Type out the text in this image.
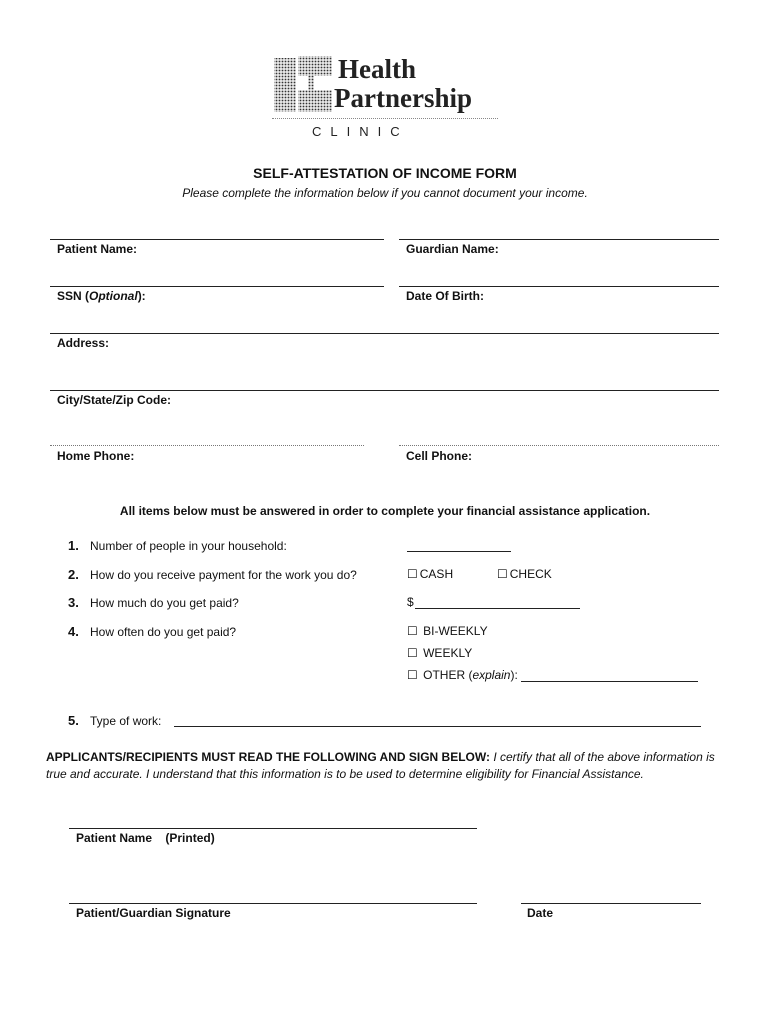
Health
Partnership
CLINIC
SELF-ATTESTATION OF INCOME FORM
Please complete the information below if you cannot document your income.
Patient Name:	Guardian Name:
SSN (Optional):	Date Of Birth:
Address:
City/State/Zip Code:
Home Phone:	Cell Phone:
All items below must be answered in order to complete your financial assistance application.
1. Number of people in your household:
2. How do you receive payment for the work you do?	☐ CASH	☐ CHECK
3. How much do you get paid?	$
4. How often do you get paid?	☐ BI-WEEKLY
☐ WEEKLY
☐ OTHER (explain):
5. Type of work:
APPLICANTS/RECIPIENTS MUST READ THE FOLLOWING AND SIGN BELOW: I certify that all of the above information is true and accurate. I understand that this information is to be used to determine eligibility for Financial Assistance.
Patient Name    (Printed)
Patient/Guardian Signature	Date
